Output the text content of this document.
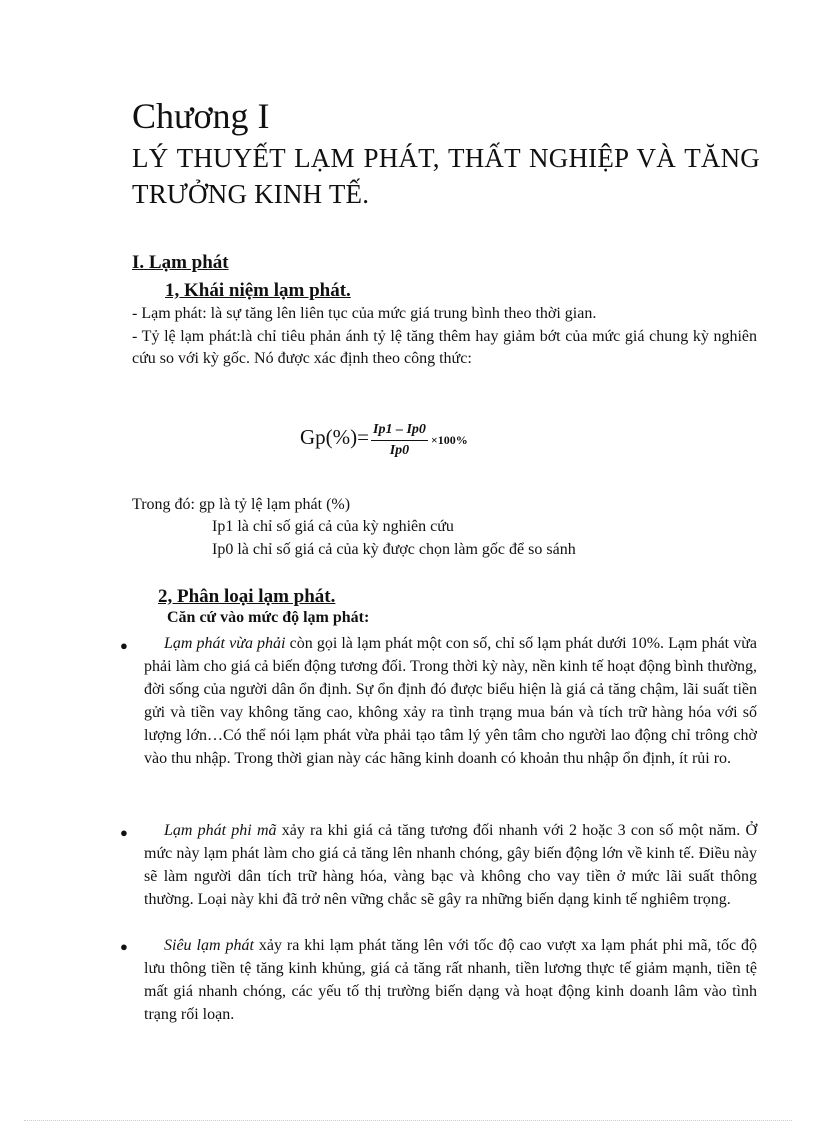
Chương I
LÝ THUYẾT LẠM PHÁT, THẤT NGHIỆP VÀ TĂNG TRƯỞNG KINH TẾ.
I. Lạm phát
1, Khái niệm lạm phát.
- Lạm phát: là sự tăng lên liên tục của mức giá trung bình theo thời gian.
- Tỷ lệ lạm phát:là chỉ tiêu phản ánh tỷ lệ tăng thêm hay giảm bớt của mức giá chung kỳ nghiên cứu so với kỳ gốc. Nó được xác định theo công thức:
$Gp(\%)= \frac{Ip1 - Ip0}{Ip0} \times 100\%$
Trong đó: gp là tỷ lệ lạm phát (%)
Ip1 là chỉ số giá cả của kỳ nghiên cứu
Ip0 là chỉ số giá cả của kỳ được chọn làm gốc để so sánh
2, Phân loại lạm phát.
Căn cứ vào mức độ lạm phát:
●	Lạm phát vừa phải còn gọi là lạm phát một con số, chỉ số lạm phát dưới 10%. Lạm phát vừa phải làm cho giá cả biến động tương đối. Trong thời kỳ này, nền kinh tế hoạt động bình thường, đời sống của người dân ổn định. Sự ổn định đó được biểu hiện là giá cả tăng chậm, lãi suất tiền gửi và tiền vay không tăng cao, không xảy ra tình trạng mua bán và tích trữ hàng hóa với số lượng lớn…Có thể nói lạm phát vừa phải tạo tâm lý yên tâm cho người lao động chỉ trông chờ vào thu nhập. Trong thời gian này các hãng kinh doanh có khoản thu nhập ổn định, ít rủi ro.
●	Lạm phát phi mã xảy ra khi giá cả tăng tương đối nhanh với 2 hoặc 3 con số một năm. Ở mức này lạm phát làm cho giá cả tăng lên nhanh chóng, gây biến động lớn về kinh tế. Điều này sẽ làm người dân tích trữ hàng hóa, vàng bạc và không cho vay tiền ở mức lãi suất thông thường. Loại này khi đã trở nên vững chắc sẽ gây ra những biến dạng kinh tế nghiêm trọng.
●	Siêu lạm phát xảy ra khi lạm phát tăng lên với tốc độ cao vượt xa lạm phát phi mã, tốc độ lưu thông tiền tệ tăng kinh khủng, giá cả tăng rất nhanh, tiền lương thực tế giảm mạnh, tiền tệ mất giá nhanh chóng, các yếu tố thị trường biến dạng và hoạt động kinh doanh lâm vào tình trạng rối loạn.
